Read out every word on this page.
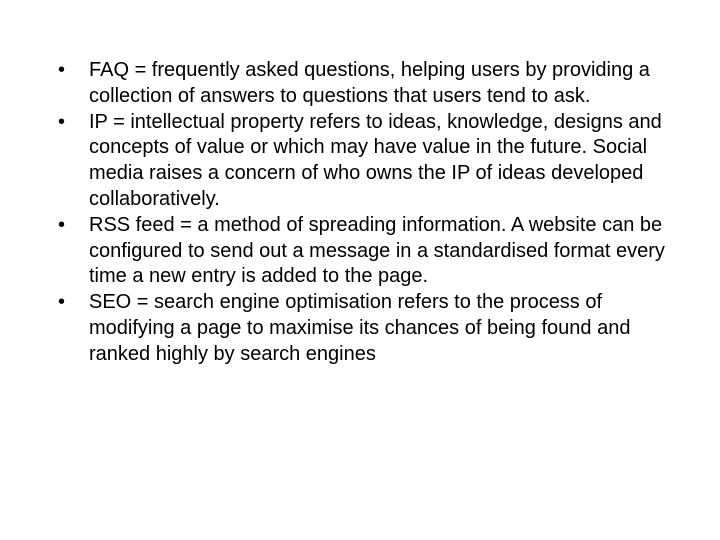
•	FAQ = frequently asked questions, helping users by providing a collection of answers to questions that users tend to ask.
•	IP = intellectual property refers to ideas, knowledge, designs and concepts of value or which may have value in the future. Social media raises a concern of who owns the IP of ideas developed collaboratively.
•	RSS feed = a method of spreading information. A website can be configured to send out a message in a standardised format every time a new entry is added to the page.
•	SEO = search engine optimisation refers to the process of modifying a page to maximise its chances of being found and ranked highly by search engines
